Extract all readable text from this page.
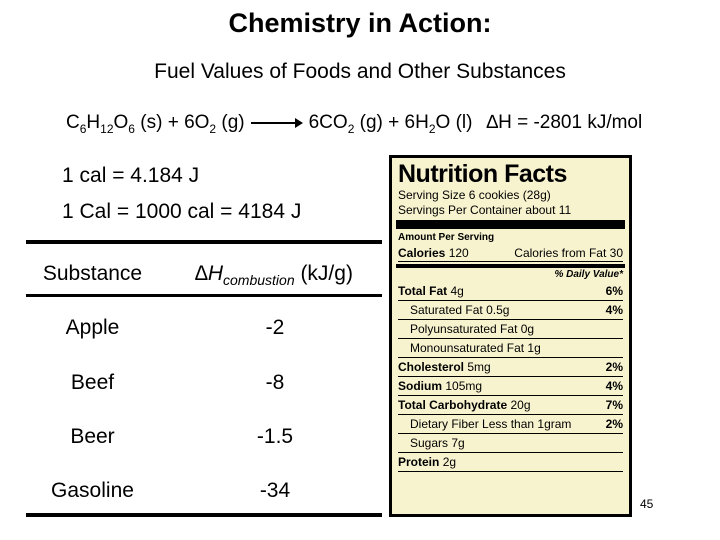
Chemistry in Action:
Fuel Values of Foods and Other Substances
$C_6H_{12}O_6$ $(s) + 6O_2$ $(g) \to 6CO_2$ $(g) + 6H_2O$ (l) ∆H = -2801 kJ/mol
1 cal = 4.184 J
1 Cal = 1000 cal = 4184 J
Substance	$\Delta H_{combustion}$ (kJ/g)
Apple	-2
Beef	-8
Beer	-1.5
Gasoline	-34
Nutrition Facts
Serving Size 6 cookies (28g)
Servings Per Container about 11
Amount Per Serving
Calories 120	Calories from Fat 30
% Daily Value*
Total Fat 4g	6%
Saturated Fat 0.5g	4%
Polyunsaturated Fat 0g
Monounsaturated Fat 1g
Cholesterol 5mg	2%
Sodium 105mg	4%
Total Carbohydrate 20g	7%
Dietary Fiber Less than 1gram	2%
Sugars 7g
Protein 2g
45
